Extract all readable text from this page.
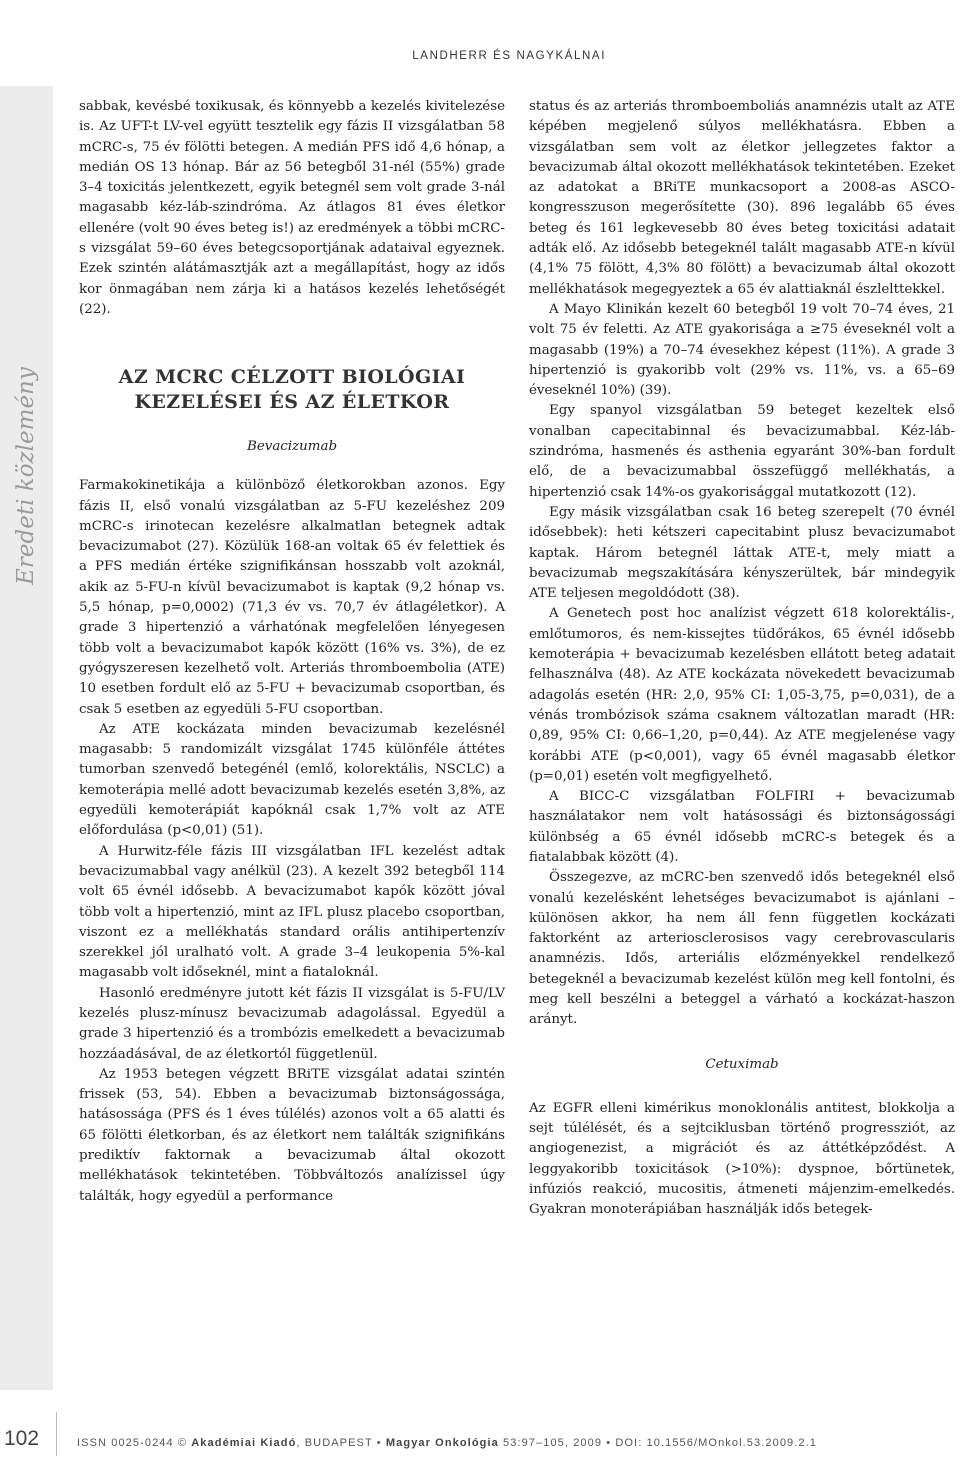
LANDHERR ÉS NAGYKÁLNAI
Eredeti közlemény

sabbak, kevésbé toxikusak, és könnyebb a kezelés kivitelezése is. Az UFT-t LV-vel együtt tesztelik egy fázis II vizsgálatban 58 mCRC-s, 75 év fölötti betegen. A medián PFS idő 4,6 hónap, a medián OS 13 hónap. Bár az 56 betegből 31-nél (55%) grade 3–4 toxicitás jelentkezett, egyik betegnél sem volt grade 3-nál magasabb kéz-láb-szindróma. Az átlagos 81 éves életkor ellenére (volt 90 éves beteg is!) az eredmények a többi mCRC-s vizsgálat 59–60 éves betegcsoportjának adataival egyeznek. Ezek szintén alátámasztják azt a megállapítást, hogy az idős kor önmagában nem zárja ki a hatásos kezelés lehetőségét (22).

AZ MCRC CÉLZOTT BIOLÓGIAI KEZELÉSEI ÉS AZ ÉLETKOR
Bevacizumab

Farmakokinetikája a különböző életkorokban azonos. Egy fázis II, első vonalú vizsgálatban az 5-FU kezeléshez 209 mCRC-s irinotecan kezelésre alkalmatlan betegnek adtak bevacizumabot (27). Közülük 168-an voltak 65 év felettiek és a PFS medián értéke szignifikánsan hosszabb volt azoknál, akik az 5-FU-n kívül bevacizumabot is kaptak (9,2 hónap vs. 5,5 hónap, p=0,0002) (71,3 év vs. 70,7 év átlagéletkor). A grade 3 hipertenzió a várhatónak megfelelően lényegesen több volt a bevacizumabot kapók között (16% vs. 3%), de ez gyógyszeresen kezelhető volt. Arteriás thromboembolia (ATE) 10 esetben fordult elő az 5-FU + bevacizumab csoportban, és csak 5 esetben az egyedüli 5-FU csoportban.

Az ATE kockázata minden bevacizumab kezelésnél magasabb: 5 randomizált vizsgálat 1745 különféle áttétes tumorban szenvedő betegénél (emlő, kolorektális, NSCLC) a kemoterápia mellé adott bevacizumab kezelés esetén 3,8%, az egyedüli kemoterápiát kapóknál csak 1,7% volt az ATE előfordulása (p<0,01) (51).

A Hurwitz-féle fázis III vizsgálatban IFL kezelést adtak bevacizumabbal vagy anélkül (23). A kezelt 392 betegből 114 volt 65 évnél idősebb. A bevacizumabot kapók között jóval több volt a hipertenzió, mint az IFL plusz placebo csoportban, viszont ez a mellékhatás standard orális antihipertenzív szerekkel jól uralható volt. A grade 3–4 leukopenia 5%-kal magasabb volt időseknél, mint a fiataloknál.

Hasonló eredményre jutott két fázis II vizsgálat is 5-FU/LV kezelés plusz-mínusz bevacizumab adagolással. Egyedül a grade 3 hipertenzió és a trombózis emelkedett a bevacizumab hozzáadásával, de az életkortól függetlenül.

Az 1953 betegen végzett BRiTE vizsgálat adatai szintén frissek (53, 54). Ebben a bevacizumab biztonságossága, hatásossága (PFS és 1 éves túlélés) azonos volt a 65 alatti és 65 fölötti életkorban, és az életkort nem találták szignifikáns prediktív faktornak a bevacizumab által okozott mellékhatások tekintetében. Többváltozós analízissel úgy találták, hogy egyedül a performance

status és az arteriás thromboemboliás anamnézis utalt az ATE képében megjelenő súlyos mellékhatásra. Ebben a vizsgálatban sem volt az életkor jellegzetes faktor a bevacizumab által okozott mellékhatások tekintetében. Ezeket az adatokat a BRiTE munkacsoport a 2008-as ASCO-kongresszuson megerősítette (30). 896 legalább 65 éves beteg és 161 legkevesebb 80 éves beteg toxicitási adatait adták elő. Az idősebb betegeknél talált magasabb ATE-n kívül (4,1% 75 fölött, 4,3% 80 fölött) a bevacizumab által okozott mellékhatások megegyeztek a 65 év alattiaknál észlelttekkel.

A Mayo Klinikán kezelt 60 betegből 19 volt 70–74 éves, 21 volt 75 év feletti. Az ATE gyakorisága a ≥75 éveseknél volt a magasabb (19%) a 70–74 évesekhez képest (11%). A grade 3 hipertenzió is gyakoribb volt (29% vs. 11%, vs. a 65–69 éveseknél 10%) (39).

Egy spanyol vizsgálatban 59 beteget kezeltek első vonalban capecitabinnal és bevacizumabbal. Kéz-láb-szindróma, hasmenés és asthenia egyaránt 30%-ban fordult elő, de a bevacizumabbal összefüggő mellékhatás, a hipertenzió csak 14%-os gyakorisággal mutatkozott (12).

Egy másik vizsgálatban csak 16 beteg szerepelt (70 évnél idősebbek): heti kétszeri capecitabint plusz bevacizumabot kaptak. Három betegnél láttak ATE-t, mely miatt a bevacizumab megszakítására kényszerültek, bár mindegyik ATE teljesen megoldódott (38).

A Genetech post hoc analízist végzett 618 kolorektális-, emlőtumoros, és nem-kissejtes tüdőrákos, 65 évnél idősebb kemoterápia + bevacizumab kezelésben ellátott beteg adatait felhasználva (48). Az ATE kockázata növekedett bevacizumab adagolás esetén (HR: 2,0, 95% CI: 1,05-3,75, p=0,031), de a vénás trombózisok száma csaknem változatlan maradt (HR: 0,89, 95% CI: 0,66–1,20, p=0,44). Az ATE megjelenése vagy korábbi ATE (p<0,001), vagy 65 évnél magasabb életkor (p=0,01) esetén volt megfigyelhető.

A BICC-C vizsgálatban FOLFIRI + bevacizumab használatakor nem volt hatásossági és biztonságossági különbség a 65 évnél idősebb mCRC-s betegek és a fiatalabbak között (4).

Összegezve, az mCRC-ben szenvedő idős betegeknél első vonalú kezelésként lehetséges bevacizumabot is ajánlani – különösen akkor, ha nem áll fenn független kockázati faktorként az arteriosclerosisos vagy cerebrovascularis anamnézis. Idős, arteriális előzményekkel rendelkező betegeknél a bevacizumab kezelést külön meg kell fontolni, és meg kell beszélni a beteggel a várható a kockázat-haszon arányt.

Cetuximab

Az EGFR elleni kimérikus monoklonális antitest, blokkolja a sejt túlélését, és a sejtciklusban történő progressziót, az angiogenezist, a migrációt és az áttétképződést. A leggyakoribb toxicitások (>10%): dyspnoe, bőrtünetek, infúziós reakció, mucositis, átmeneti májenzim-emelkedés. Gyakran monoterápiában használják idős betegek-

102	ISSN 0025-0244 © Akadémiai Kiadó, BUDAPEST • Magyar Onkológia 53:97–105, 2009 • DOI: 10.1556/MOnkol.53.2009.2.1
